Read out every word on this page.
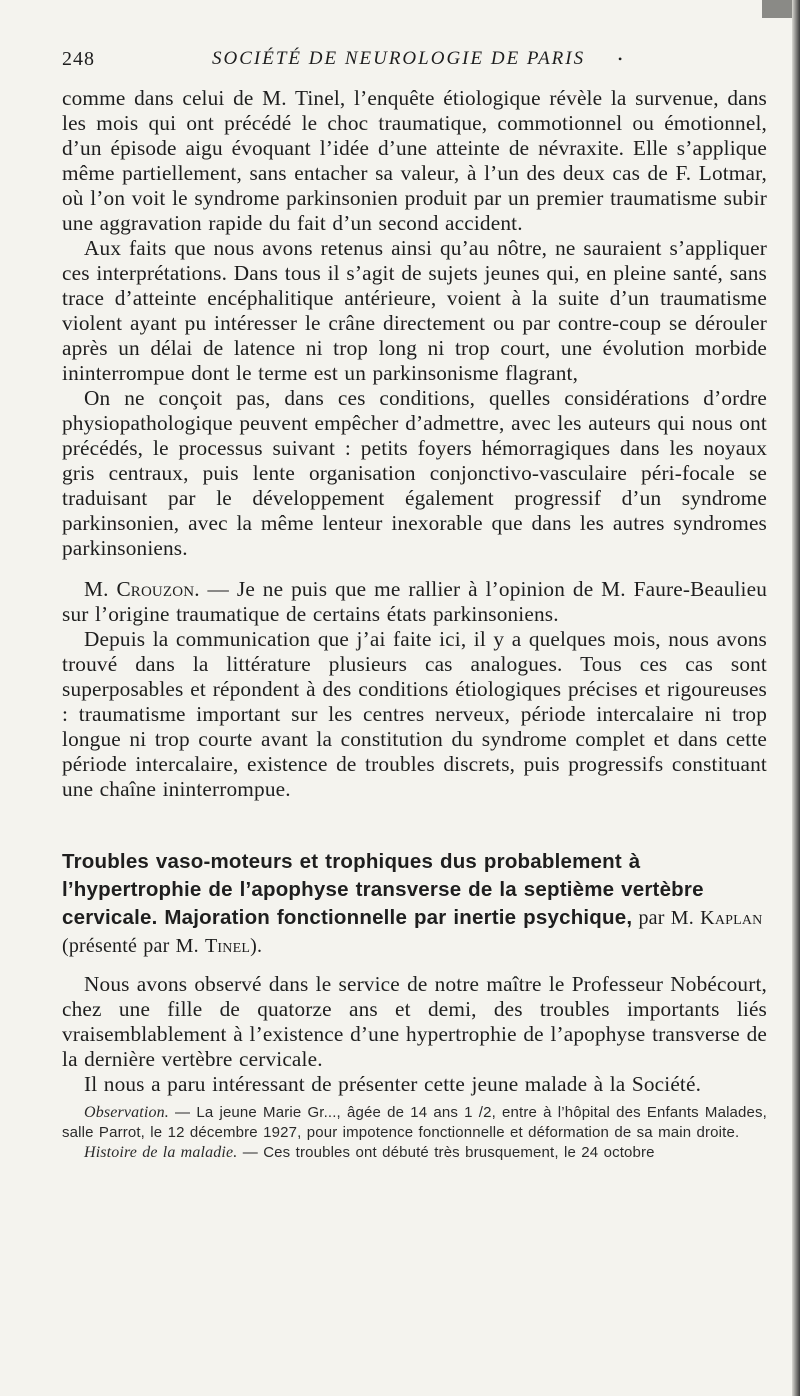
248	SOCIÉTÉ DE NEUROLOGIE DE PARIS	•

comme dans celui de M. Tinel, l’enquête étiologique révèle la survenue, dans les mois qui ont précédé le choc traumatique, commotionnel ou émotionnel, d’un épisode aigu évoquant l’idée d’une atteinte de névraxite. Elle s’applique même partiellement, sans entacher sa valeur, à l’un des deux cas de F. Lotmar, où l’on voit le syndrome parkinsonien produit par un premier traumatisme subir une aggravation rapide du fait d’un second accident.

Aux faits que nous avons retenus ainsi qu’au nôtre, ne sauraient s’appliquer ces interprétations. Dans tous il s’agit de sujets jeunes qui, en pleine santé, sans trace d’atteinte encéphalitique antérieure, voient à la suite d’un traumatisme violent ayant pu intéresser le crâne directement ou par contre-coup se dérouler après un délai de latence ni trop long ni trop court, une évolution morbide ininterrompue dont le terme est un parkinsonisme flagrant,

On ne conçoit pas, dans ces conditions, quelles considérations d’ordre physiopathologique peuvent empêcher d’admettre, avec les auteurs qui nous ont précédés, le processus suivant : petits foyers hémorragiques dans les noyaux gris centraux, puis lente organisation conjonctivo-vasculaire péri-focale se traduisant par le développement également progressif d’un syndrome parkinsonien, avec la même lenteur inexorable que dans les autres syndromes parkinsoniens.

M. Crouzon. — Je ne puis que me rallier à l’opinion de M. Faure-Beaulieu sur l’origine traumatique de certains états parkinsoniens.

Depuis la communication que j’ai faite ici, il y a quelques mois, nous avons trouvé dans la littérature plusieurs cas analogues. Tous ces cas sont superposables et répondent à des conditions étiologiques précises et rigoureuses : traumatisme important sur les centres nerveux, période intercalaire ni trop longue ni trop courte avant la constitution du syndrome complet et dans cette période intercalaire, existence de troubles discrets, puis progressifs constituant une chaîne ininterrompue.

Troubles vaso-moteurs et trophiques dus probablement à l’hypertrophie de l’apophyse transverse de la septième vertèbre cervicale. Majoration fonctionnelle par inertie psychique, par M. Kaplan (présenté par M. Tinel).

Nous avons observé dans le service de notre maître le Professeur Nobécourt, chez une fille de quatorze ans et demi, des troubles importants liés vraisemblablement à l’existence d’une hypertrophie de l’apophyse transverse de la dernière vertèbre cervicale.

Il nous a paru intéressant de présenter cette jeune malade à la Société.

Observation. — La jeune Marie Gr..., âgée de 14 ans 1 /2, entre à l’hôpital des Enfants Malades, salle Parrot, le 12 décembre 1927, pour impotence fonctionnelle et déformation de sa main droite.

Histoire de la maladie. — Ces troubles ont débuté très brusquement, le 24 octobre
